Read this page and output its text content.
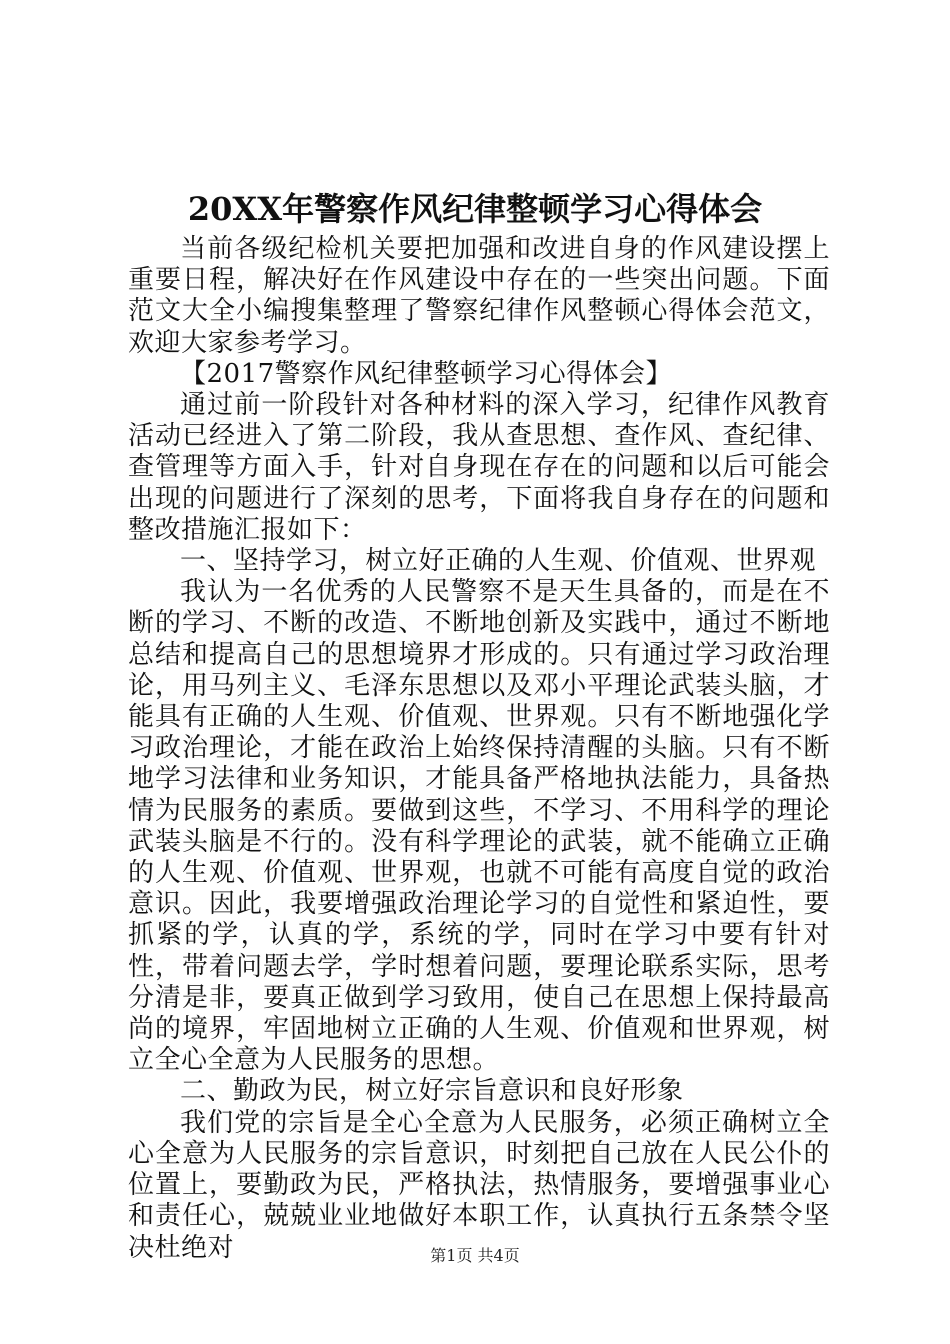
20XX年警察作风纪律整顿学习心得体会

当前各级纪检机关要把加强和改进自身的作风建设摆上重要日程，解决好在作风建设中存在的一些突出问题。下面范文大全小编搜集整理了警察纪律作风整顿心得体会范文，欢迎大家参考学习。

【2017警察作风纪律整顿学习心得体会】

通过前一阶段针对各种材料的深入学习，纪律作风教育活动已经进入了第二阶段，我从查思想、查作风、查纪律、查管理等方面入手，针对自身现在存在的问题和以后可能会出现的问题进行了深刻的思考，下面将我自身存在的问题和整改措施汇报如下：

一、坚持学习，树立好正确的人生观、价值观、世界观

我认为一名优秀的人民警察不是天生具备的，而是在不断的学习、不断的改造、不断地创新及实践中，通过不断地总结和提高自己的思想境界才形成的。只有通过学习政治理论，用马列主义、毛泽东思想以及邓小平理论武装头脑，才能具有正确的人生观、价值观、世界观。只有不断地强化学习政治理论，才能在政治上始终保持清醒的头脑。只有不断地学习法律和业务知识，才能具备严格地执法能力，具备热情为民服务的素质。要做到这些，不学习、不用科学的理论武装头脑是不行的。没有科学理论的武装，就不能确立正确的人生观、价值观、世界观，也就不可能有高度自觉的政治意识。因此，我要增强政治理论学习的自觉性和紧迫性，要抓紧的学，认真的学，系统的学，同时在学习中要有针对性，带着问题去学，学时想着问题，要理论联系实际，思考分清是非，要真正做到学习致用，使自己在思想上保持最高尚的境界，牢固地树立正确的人生观、价值观和世界观，树立全心全意为人民服务的思想。

二、勤政为民，树立好宗旨意识和良好形象

我们党的宗旨是全心全意为人民服务，必须正确树立全心全意为人民服务的宗旨意识，时刻把自己放在人民公仆的位置上，要勤政为民，严格执法，热情服务，要增强事业心和责任心，兢兢业业地做好本职工作，认真执行五条禁令坚决杜绝对	第1页 共4页
